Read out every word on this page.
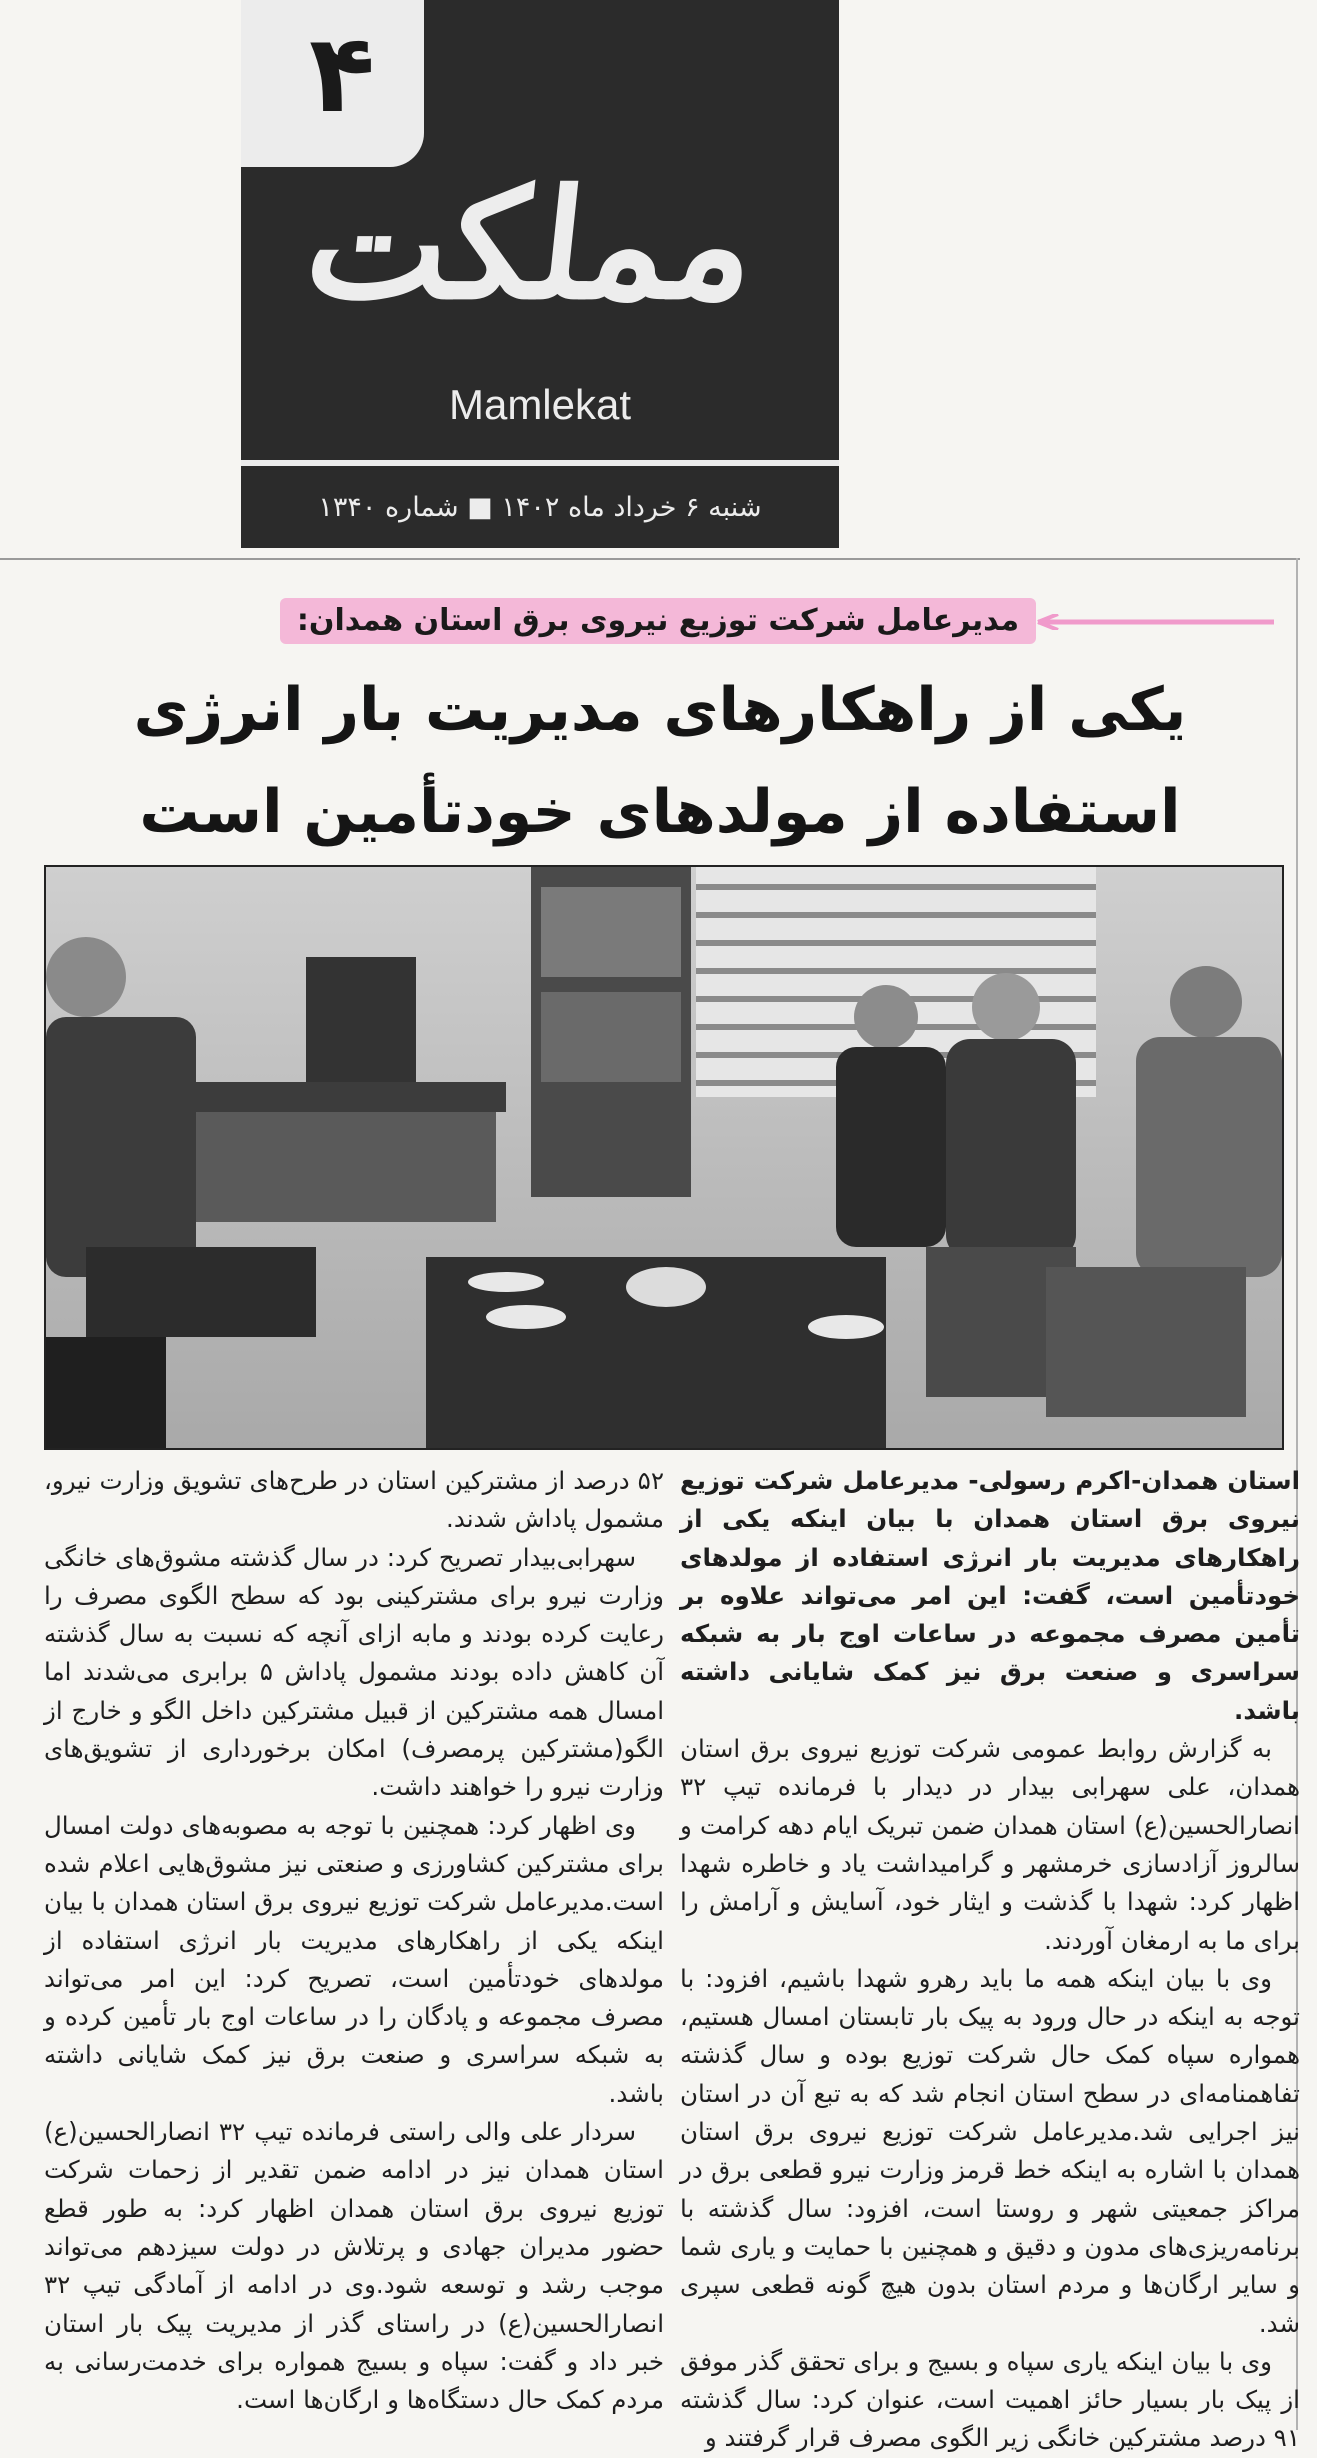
۴
مملکت
Mamlekat
شنبه ۶ خرداد ماه ۱۴۰۲ ■ شماره ۱۳۴۰
مدیرعامل شرکت توزیع نیروی برق استان همدان:
یکی از راهکارهای مدیریت بار انرژی
استفاده از مولدهای خودتأمین است

استان همدان-اکرم رسولی- مدیرعامل شرکت توزیع نیروی برق استان همدان با بیان اینکه یکی از راهکارهای مدیریت بار انرژی استفاده از مولدهای خودتأمین است، گفت: این امر می‌تواند علاوه بر تأمین مصرف مجموعه در ساعات اوج بار به شبکه سراسری و صنعت برق نیز کمک شایانی داشته باشد.

به گزارش روابط عمومی شرکت توزیع نیروی برق استان همدان، علی سهرابی بیدار در دیدار با فرمانده تیپ ۳۲ انصارالحسین(ع) استان همدان ضمن تبریک ایام دهه کرامت و سالروز آزادسازی خرمشهر و گرامیداشت یاد و خاطره شهدا اظهار کرد: شهدا با گذشت و ایثار خود، آسایش و آرامش را برای ما به ارمغان آوردند.

وی با بیان اینکه همه ما باید رهرو شهدا باشیم، افزود: با توجه به اینکه در حال ورود به پیک بار تابستان امسال هستیم، همواره سپاه کمک حال شرکت توزیع بوده و سال گذشته تفاهمنامه‌ای در سطح استان انجام شد که به تبع آن در استان نیز اجرایی شد.مدیرعامل شرکت توزیع نیروی برق استان همدان با اشاره به اینکه خط قرمز وزارت نیرو قطعی برق در مراکز جمعیتی شهر و روستا است، افزود: سال گذشته با برنامه‌ریزی‌های مدون و دقیق و همچنین با حمایت و یاری شما و سایر ارگان‌ها و مردم استان بدون هیچ گونه قطعی سپری شد.

وی با بیان اینکه یاری سپاه و بسیج و برای تحقق گذر موفق از پیک بار بسیار حائز اهمیت است، عنوان کرد: سال گذشته ۹۱ درصد مشترکین خانگی زیر الگوی مصرف قرار گرفتند و

۵۲ درصد از مشترکین استان در طرح‌های تشویق وزارت نیرو، مشمول پاداش شدند.

سهرابی‌بیدار تصریح کرد: در سال گذشته مشوق‌های خانگی وزارت نیرو برای مشترکینی بود که سطح الگوی مصرف را رعایت کرده بودند و مابه ازای آنچه که نسبت به سال گذشته آن کاهش داده بودند مشمول پاداش ۵ برابری می‌شدند اما امسال همه مشترکین از قبیل مشترکین داخل الگو و خارج از الگو(مشترکین پرمصرف) امکان برخورداری از تشویق‌های وزارت نیرو را خواهند داشت.

وی اظهار کرد: همچنین با توجه به مصوبه‌های دولت امسال برای مشترکین کشاورزی و صنعتی نیز مشوق‌هایی اعلام شده است.مدیرعامل شرکت توزیع نیروی برق استان همدان با بیان اینکه یکی از راهکارهای مدیریت بار انرژی استفاده از مولدهای خودتأمین است، تصریح کرد: این امر می‌تواند مصرف مجموعه و پادگان را در ساعات اوج بار تأمین کرده و به شبکه سراسری و صنعت برق نیز کمک شایانی داشته باشد.

سردار علی والی راستی فرمانده تیپ ۳۲ انصارالحسین(ع) استان همدان نیز در ادامه ضمن تقدیر از زحمات شرکت توزیع نیروی برق استان همدان اظهار کرد: به طور قطع حضور مدیران جهادی و پرتلاش در دولت سیزدهم می‌تواند موجب رشد و توسعه شود.وی در ادامه از آمادگی تیپ ۳۲ انصارالحسین(ع) در راستای گذر از مدیریت پیک بار استان خبر داد و گفت: سپاه و بسیج همواره برای خدمت‌رسانی به مردم کمک حال دستگاه‌ها و ارگان‌ها است.
